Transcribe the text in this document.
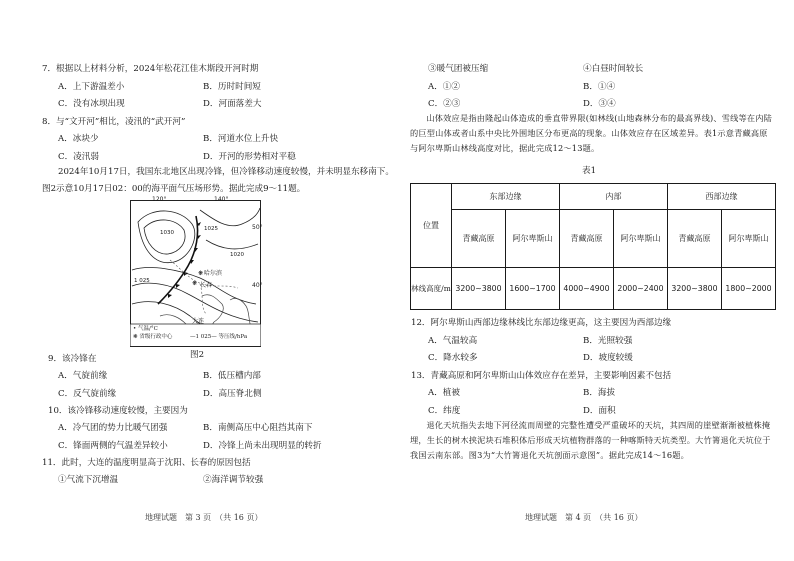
7．根据以上材料分析，2024年松花江佳木斯段开河时期
A．上下游温差小	B．历时时间短
C．没有冰坝出现	D．河面落差大
8．与“文开河”相比，凌汛的“武开河”
A．冰块少	B．河道水位上升快
C．凌汛弱	D．开河的形势相对平稳
2024年10月17日，我国东北地区出现冷锋，但冷锋移动速度较慢，并未明显东移南下。
图2示意10月17日02：00的海平面气压场形势。据此完成9～11题。
❋
❋
120°	140°
50°
40°
1030
1025
1020
1 025
哈尔滨
长春
大连
• 气温/°C
❋ 省级行政中心	—1 025— 等压线/hPa
图2
9．该冷锋在
A．气旋前缘	B．低压槽内部
C．反气旋前缘	D．高压脊北侧
10．该冷锋移动速度较慢，主要因为
A．冷气团的势力比暖气团强	B．南侧高压中心阻挡其南下
C．锋面两侧的气温差异较小	D．冷锋上尚未出现明显的转折
11．此时，大连的温度明显高于沈阳、长春的原因包括
①气流下沉增温	②海洋调节较强
地理试题　第 3 页　（共 16 页）
③暖气团被压缩	④白昼时间较长
A．①②	B．①④
C．②③	D．③④
山体效应是指由隆起山体造成的垂直带界限(如林线(山地森林分布的最高界线)、雪线等在内陆的巨型山体或者山系中央比外围地区分布更高的现象。山体效应存在区域差异。表1示意青藏高原与阿尔卑斯山林线高度对比，据此完成12～13题。
表1
位置	东部边缘		内部		西部边缘	
	青藏高原	阿尔卑斯山	青藏高原	阿尔卑斯山	青藏高原	阿尔卑斯山
林线高度/m	3200~3800	1600~1700	4000~4900	2000~2400	3200~3800	1800~2000
12．阿尔卑斯山西部边缘林线比东部边缘更高，这主要因为西部边缘
A．气温较高	B．光照较强
C．降水较多	D．坡度较缓
13．青藏高原和阿尔卑斯山山体效应存在差异，主要影响因素不包括
A．植被	B．海拔
C．纬度	D．面积
退化天坑指失去地下河径流而周壁的完整性遭受严重破坏的天坑，其四周的崖壁渐渐被植株掩埋，生长的树木挟泥块石堆积体后形成天坑植物群落的一种喀斯特天坑类型。大竹箐退化天坑位于我国云南东部。图3为“大竹箐退化天坑剖面示意图”。据此完成14～16题。
地理试题　第 4 页　（共 16 页）
